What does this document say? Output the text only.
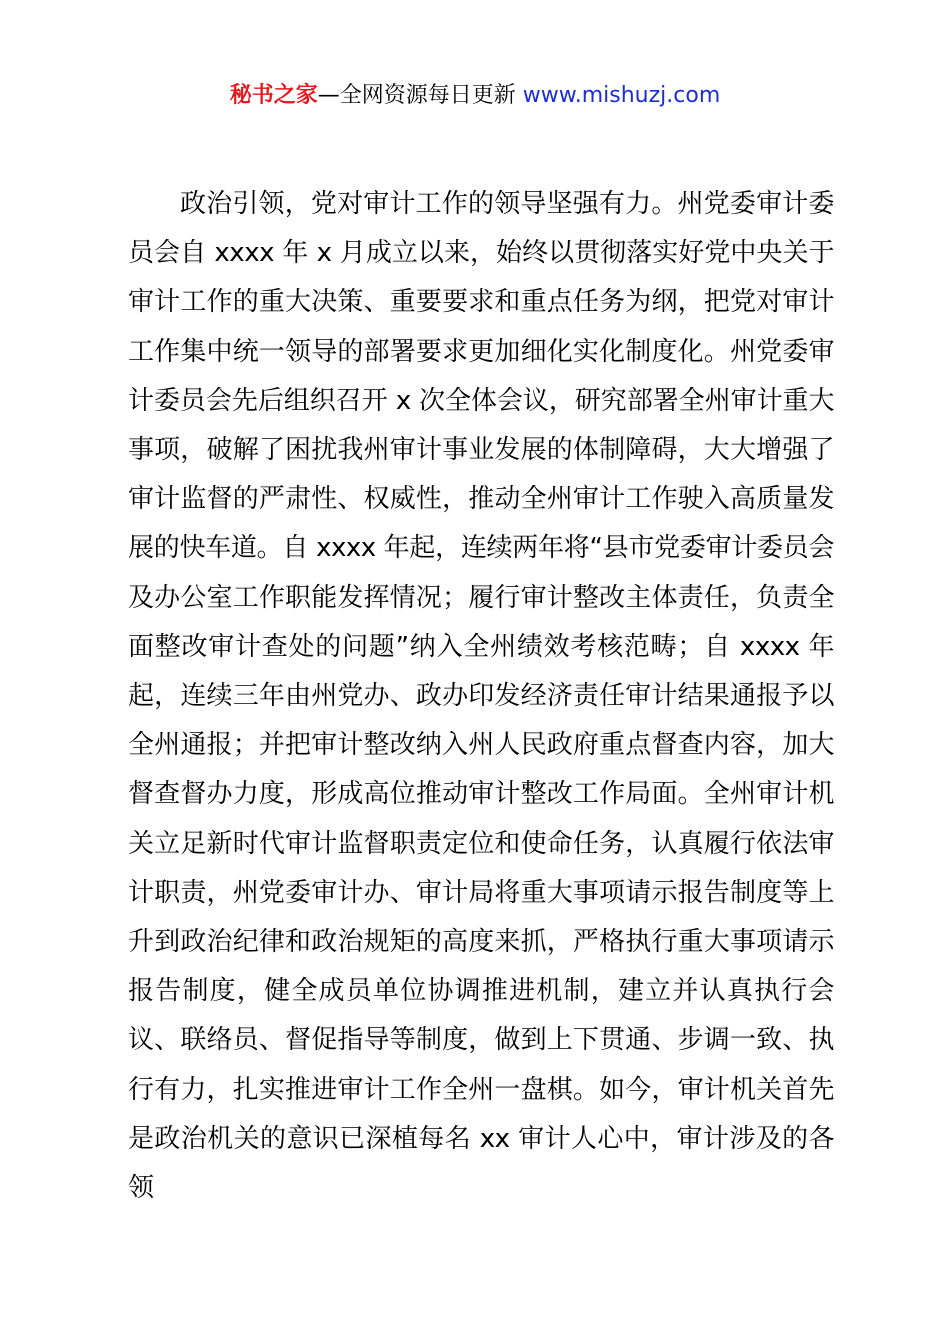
秘书之家—全网资源每日更新 www.mishuzj.com
政治引领，党对审计工作的领导坚强有力。州党委审计委员会自 xxxx 年 x 月成立以来，始终以贯彻落实好党中央关于审计工作的重大决策、重要要求和重点任务为纲，把党对审计工作集中统一领导的部署要求更加细化实化制度化。州党委审计委员会先后组织召开 x 次全体会议，研究部署全州审计重大事项，破解了困扰我州审计事业发展的体制障碍，大大增强了审计监督的严肃性、权威性，推动全州审计工作驶入高质量发展的快车道。自 xxxx 年起，连续两年将“县市党委审计委员会及办公室工作职能发挥情况；履行审计整改主体责任，负责全面整改审计查处的问题”纳入全州绩效考核范畴；自 xxxx 年起，连续三年由州党办、政办印发经济责任审计结果通报予以全州通报；并把审计整改纳入州人民政府重点督查内容，加大督查督办力度，形成高位推动审计整改工作局面。全州审计机关立足新时代审计监督职责定位和使命任务，认真履行依法审计职责，州党委审计办、审计局将重大事项请示报告制度等上升到政治纪律和政治规矩的高度来抓，严格执行重大事项请示报告制度，健全成员单位协调推进机制，建立并认真执行会议、联络员、督促指导等制度，做到上下贯通、步调一致、执行有力，扎实推进审计工作全州一盘棋。如今，审计机关首先是政治机关的意识已深植每名 xx 审计人心中，审计涉及的各领
